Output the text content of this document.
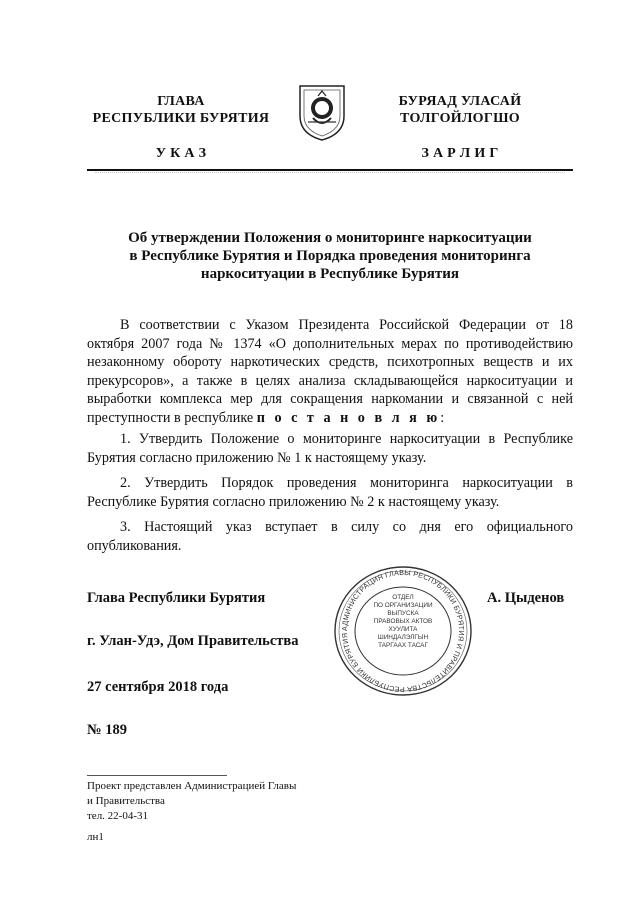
ГЛАВА
РЕСПУБЛИКИ БУРЯТИЯ
У К А З
БУРЯАД УЛАСАЙ
ТОЛГОЙЛОГШО
З А Р Л И Г
Об утверждении Положения о мониторинге наркоситуации
в Республике Бурятия и Порядка проведения мониторинга
наркоситуации в Республике Бурятия
В соответствии с Указом Президента Российской Федерации от 18 октября 2007 года № 1374 «О дополнительных мерах по противодействию незаконному обороту наркотических средств, психотропных веществ и их прекурсоров», а также в целях анализа складывающейся наркоситуации и выработки комплекса мер для сокращения наркомании и связанной с ней преступности в республике п о с т а н о в л я ю:
1. Утвердить Положение о мониторинге наркоситуации в Республике Бурятия согласно приложению № 1 к настоящему указу.
2. Утвердить Порядок проведения мониторинга наркоситуации в Республике Бурятия согласно приложению № 2 к настоящему указу.
3. Настоящий указ вступает в силу со дня его официального опубликования.
Глава Республики Бурятия	А. Цыденов
г. Улан-Удэ, Дом Правительства
27 сентября 2018 года
№ 189
АДМИНИСТРАЦИЯ ГЛАВЫ РЕСПУБЛИКИ БУРЯТИЯ И ПРАВИТЕЛЬСТВА РЕСПУБЛИКИ БУРЯТИЯ
ОТДЕЛ
ПО ОРГАНИЗАЦИИ
ВЫПУСКА
ПРАВОВЫХ АКТОВ
ХУУЛИТА
ШИНДАЛЭЛГЫН
ТАРГААХ ТАСАГ
Проект представлен Администрацией Главы
и Правительства
тел. 22-04-31
лн1
